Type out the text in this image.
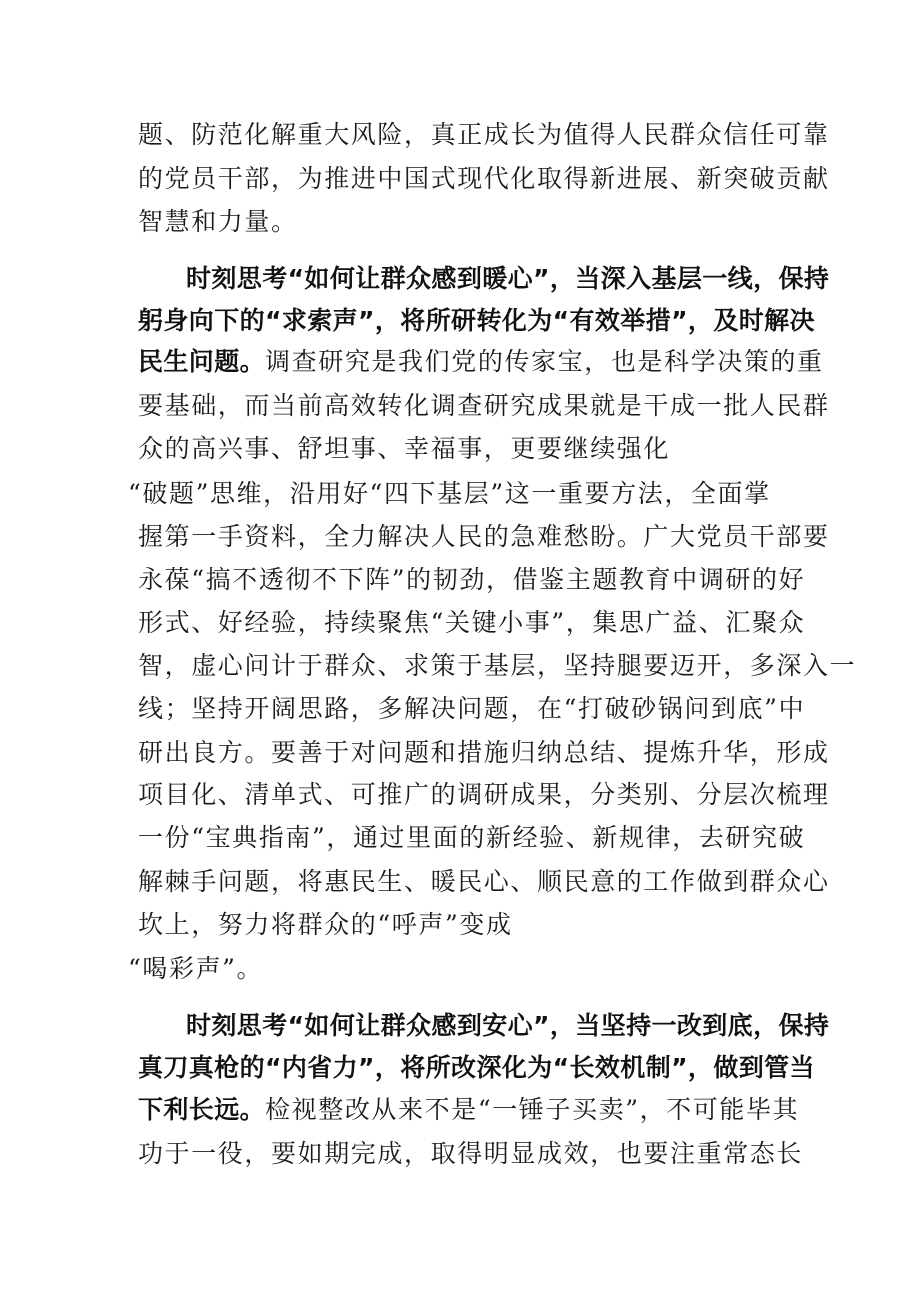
题、防范化解重大风险，真正成长为值得人民群众信任可靠
的党员干部，为推进中国式现代化取得新进展、新突破贡献
智慧和力量。
时刻思考“如何让群众感到暖心”，当深入基层一线，保持
躬身向下的“求索声”，将所研转化为“有效举措”，及时解决
民生问题。调查研究是我们党的传家宝，也是科学决策的重
要基础，而当前高效转化调查研究成果就是干成一批人民群
众的高兴事、舒坦事、幸福事，更要继续强化
“破题”思维，沿用好“四下基层”这一重要方法，全面掌
握第一手资料，全力解决人民的急难愁盼。广大党员干部要
永葆“搞不透彻不下阵”的韧劲，借鉴主题教育中调研的好
形式、好经验，持续聚焦“关键小事”，集思广益、汇聚众
智，虚心问计于群众、求策于基层，坚持腿要迈开，多深入一
线；坚持开阔思路，多解决问题，在“打破砂锅问到底”中
研出良方。要善于对问题和措施归纳总结、提炼升华，形成
项目化、清单式、可推广的调研成果，分类别、分层次梳理
一份“宝典指南”，通过里面的新经验、新规律，去研究破
解棘手问题，将惠民生、暖民心、顺民意的工作做到群众心
坎上，努力将群众的“呼声”变成
“喝彩声”。
时刻思考“如何让群众感到安心”，当坚持一改到底，保持
真刀真枪的“内省力”，将所改深化为“长效机制”，做到管当
下利长远。检视整改从来不是“一锤子买卖”，不可能毕其
功于一役，要如期完成，取得明显成效，也要注重常态长
